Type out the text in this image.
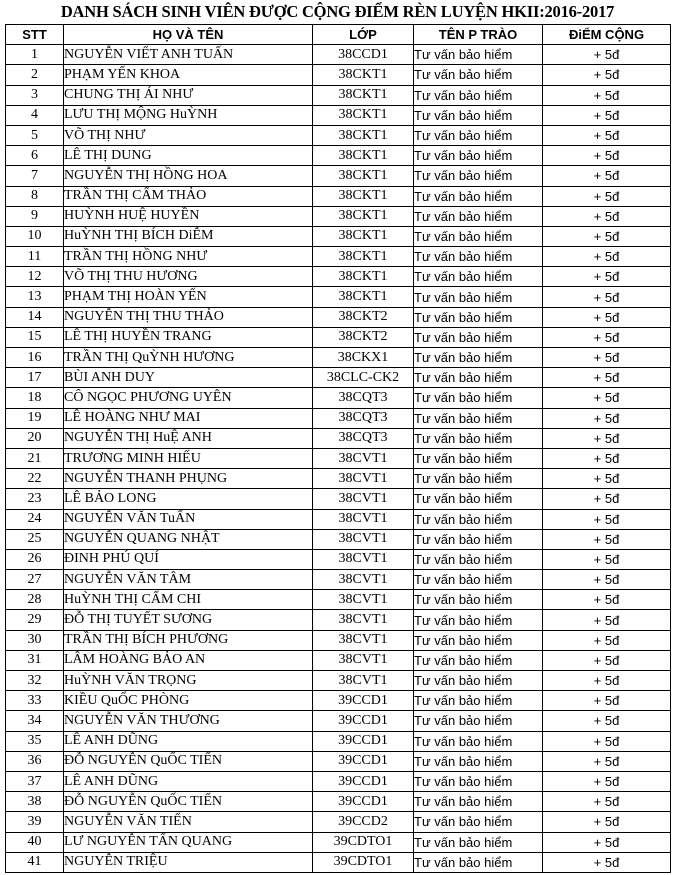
DANH SÁCH SINH VIÊN ĐƯỢC CỘNG ĐIỂM RÈN LUYỆN HKII:2016-2017
STT	HỌ VÀ TÊN	LỚP	TÊN P TRÀO	ĐiỂM CỘNG
1	NGUYỄN VIẾT ANH TUẤN	38CCD1	Tư vấn bảo hiểm	+ 5đ
2	PHẠM YẾN KHOA	38CKT1	Tư vấn bảo hiểm	+ 5đ
3	CHUNG THỊ ÁI NHƯ	38CKT1	Tư vấn bảo hiểm	+ 5đ
4	LƯU THỊ MỘNG HuỲNH	38CKT1	Tư vấn bảo hiểm	+ 5đ
5	VÕ THỊ NHƯ	38CKT1	Tư vấn bảo hiểm	+ 5đ
6	LÊ THỊ DUNG	38CKT1	Tư vấn bảo hiểm	+ 5đ
7	NGUYỄN THỊ HỒNG HOA	38CKT1	Tư vấn bảo hiểm	+ 5đ
8	TRẦN THỊ CẨM THẢO	38CKT1	Tư vấn bảo hiểm	+ 5đ
9	HUỲNH HUỆ HUYỀN	38CKT1	Tư vấn bảo hiểm	+ 5đ
10	HuỲNH THỊ BÍCH DiỄM	38CKT1	Tư vấn bảo hiểm	+ 5đ
11	TRẦN THỊ HỒNG NHƯ	38CKT1	Tư vấn bảo hiểm	+ 5đ
12	VÕ THỊ THU HƯƠNG	38CKT1	Tư vấn bảo hiểm	+ 5đ
13	PHẠM THỊ HOÀN YẾN	38CKT1	Tư vấn bảo hiểm	+ 5đ
14	NGUYỄN THỊ THU THẢO	38CKT2	Tư vấn bảo hiểm	+ 5đ
15	LÊ THỊ HUYỀN TRANG	38CKT2	Tư vấn bảo hiểm	+ 5đ
16	TRẦN THỊ QuỲNH HƯƠNG	38CKX1	Tư vấn bảo hiểm	+ 5đ
17	BÙI ANH DUY	38CLC-CK2	Tư vấn bảo hiểm	+ 5đ
18	CÔ NGỌC PHƯƠNG UYÊN	38CQT3	Tư vấn bảo hiểm	+ 5đ
19	LÊ HOÀNG NHƯ MAI	38CQT3	Tư vấn bảo hiểm	+ 5đ
20	NGUYỄN THỊ HuỆ ANH	38CQT3	Tư vấn bảo hiểm	+ 5đ
21	TRƯƠNG MINH HIẾU	38CVT1	Tư vấn bảo hiểm	+ 5đ
22	NGUYỄN THANH PHỤNG	38CVT1	Tư vấn bảo hiểm	+ 5đ
23	LÊ BẢO LONG	38CVT1	Tư vấn bảo hiểm	+ 5đ
24	NGUYỄN VĂN TuẤN	38CVT1	Tư vấn bảo hiểm	+ 5đ
25	NGUYỄN QUANG NHẬT	38CVT1	Tư vấn bảo hiểm	+ 5đ
26	ĐINH PHÚ QUÍ	38CVT1	Tư vấn bảo hiểm	+ 5đ
27	NGUYỄN VĂN TÂM	38CVT1	Tư vấn bảo hiểm	+ 5đ
28	HuỲNH THỊ CẨM CHI	38CVT1	Tư vấn bảo hiểm	+ 5đ
29	ĐỖ THỊ TUYẾT SƯƠNG	38CVT1	Tư vấn bảo hiểm	+ 5đ
30	TRẦN THỊ BÍCH PHƯƠNG	38CVT1	Tư vấn bảo hiểm	+ 5đ
31	LÂM HOÀNG BẢO AN	38CVT1	Tư vấn bảo hiểm	+ 5đ
32	HuỲNH VĂN TRỌNG	38CVT1	Tư vấn bảo hiểm	+ 5đ
33	KIỀU QuỐC PHÒNG	39CCD1	Tư vấn bảo hiểm	+ 5đ
34	NGUYỄN VĂN THƯƠNG	39CCD1	Tư vấn bảo hiểm	+ 5đ
35	LÊ ANH DŨNG	39CCD1	Tư vấn bảo hiểm	+ 5đ
36	ĐỖ NGUYỄN QuỐC TIẾN	39CCD1	Tư vấn bảo hiểm	+ 5đ
37	LÊ ANH DŨNG	39CCD1	Tư vấn bảo hiểm	+ 5đ
38	ĐỖ NGUYỄN QuỐC TIẾN	39CCD1	Tư vấn bảo hiểm	+ 5đ
39	NGUYỄN VĂN TIẾN	39CCD2	Tư vấn bảo hiểm	+ 5đ
40	LƯ NGUYỄN TẤN QUANG	39CDTO1	Tư vấn bảo hiểm	+ 5đ
41	NGUYỄN TRIỆU	39CDTO1	Tư vấn bảo hiểm	+ 5đ
